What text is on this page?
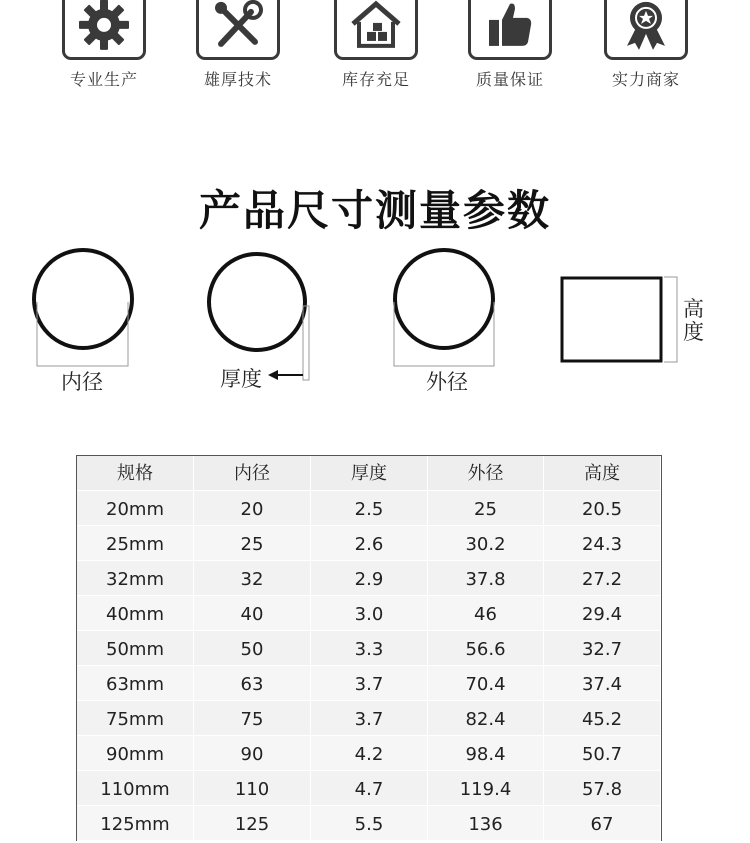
专业生产	雄厚技术	库存充足	质量保证	实力商家
产品尺寸测量参数
内径	厚度	外径
高度
规格	内径	厚度	外径	高度
20mm	20	2.5	25	20.5
25mm	25	2.6	30.2	24.3
32mm	32	2.9	37.8	27.2
40mm	40	3.0	46	29.4
50mm	50	3.3	56.6	32.7
63mm	63	3.7	70.4	37.4
75mm	75	3.7	82.4	45.2
90mm	90	4.2	98.4	50.7
110mm	110	4.7	119.4	57.8
125mm	125	5.5	136	67
